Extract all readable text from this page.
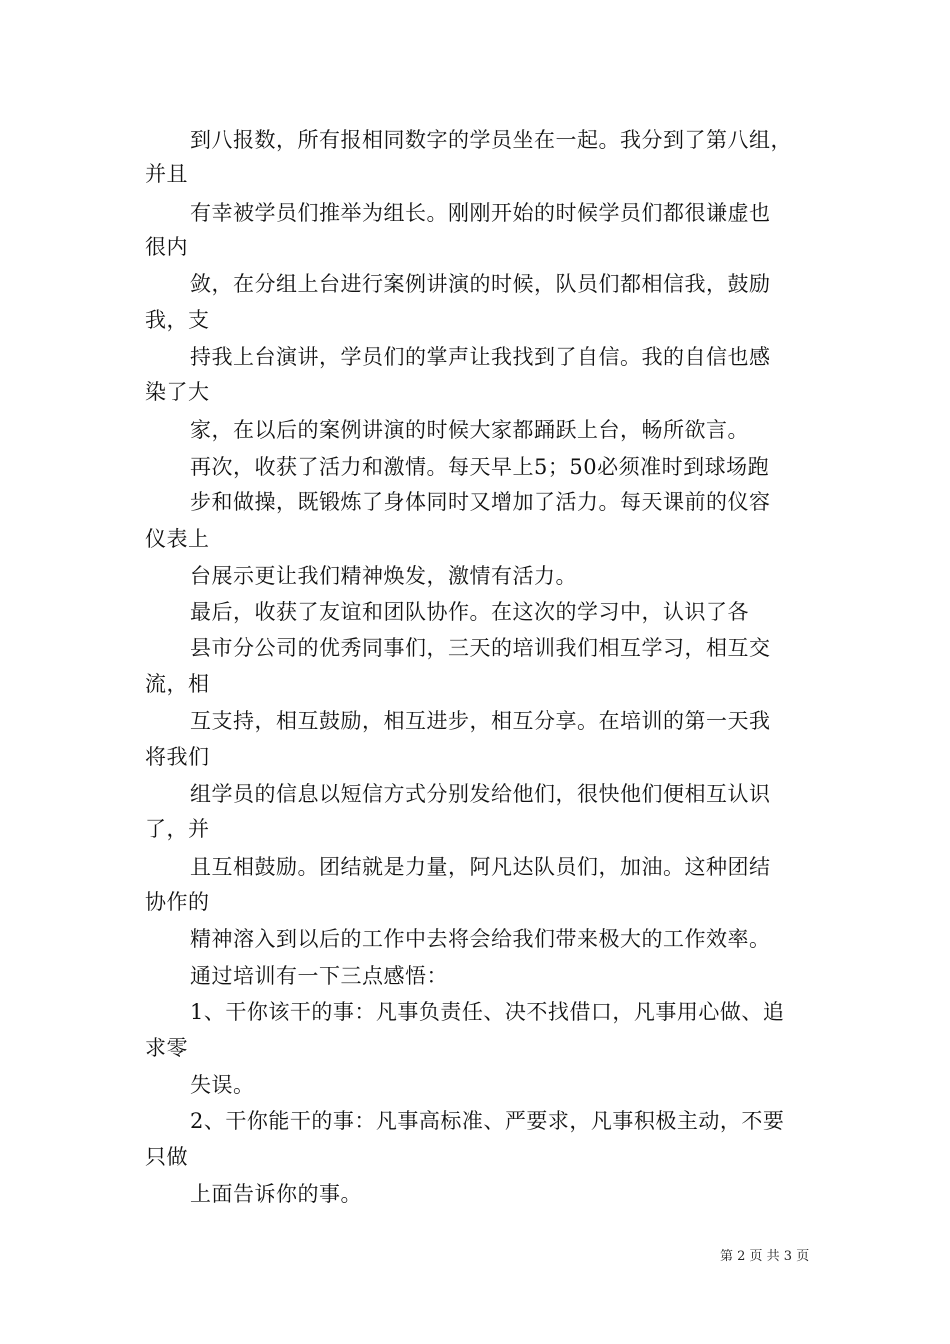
到八报数，所有报相同数字的学员坐在一起。我分到了第八组，
并且
有幸被学员们推举为组长。刚刚开始的时候学员们都很谦虚也
很内
敛，在分组上台进行案例讲演的时候，队员们都相信我，鼓励
我，支
持我上台演讲，学员们的掌声让我找到了自信。我的自信也感
染了大
家，在以后的案例讲演的时候大家都踊跃上台，畅所欲言。
再次，收获了活力和激情。每天早上5；50必须准时到球场跑
步和做操，既锻炼了身体同时又增加了活力。每天课前的仪容
仪表上
台展示更让我们精神焕发，激情有活力。
最后，收获了友谊和团队协作。在这次的学习中，认识了各
县市分公司的优秀同事们，三天的培训我们相互学习，相互交
流，相
互支持，相互鼓励，相互进步，相互分享。在培训的第一天我
将我们
组学员的信息以短信方式分别发给他们，很快他们便相互认识
了，并
且互相鼓励。团结就是力量，阿凡达队员们，加油。这种团结
协作的
精神溶入到以后的工作中去将会给我们带来极大的工作效率。
通过培训有一下三点感悟：
1、干你该干的事：凡事负责任、决不找借口，凡事用心做、追
求零
失误。
2、干你能干的事：凡事高标准、严要求，凡事积极主动，不要
只做
上面告诉你的事。
第 2 页 共 3 页
